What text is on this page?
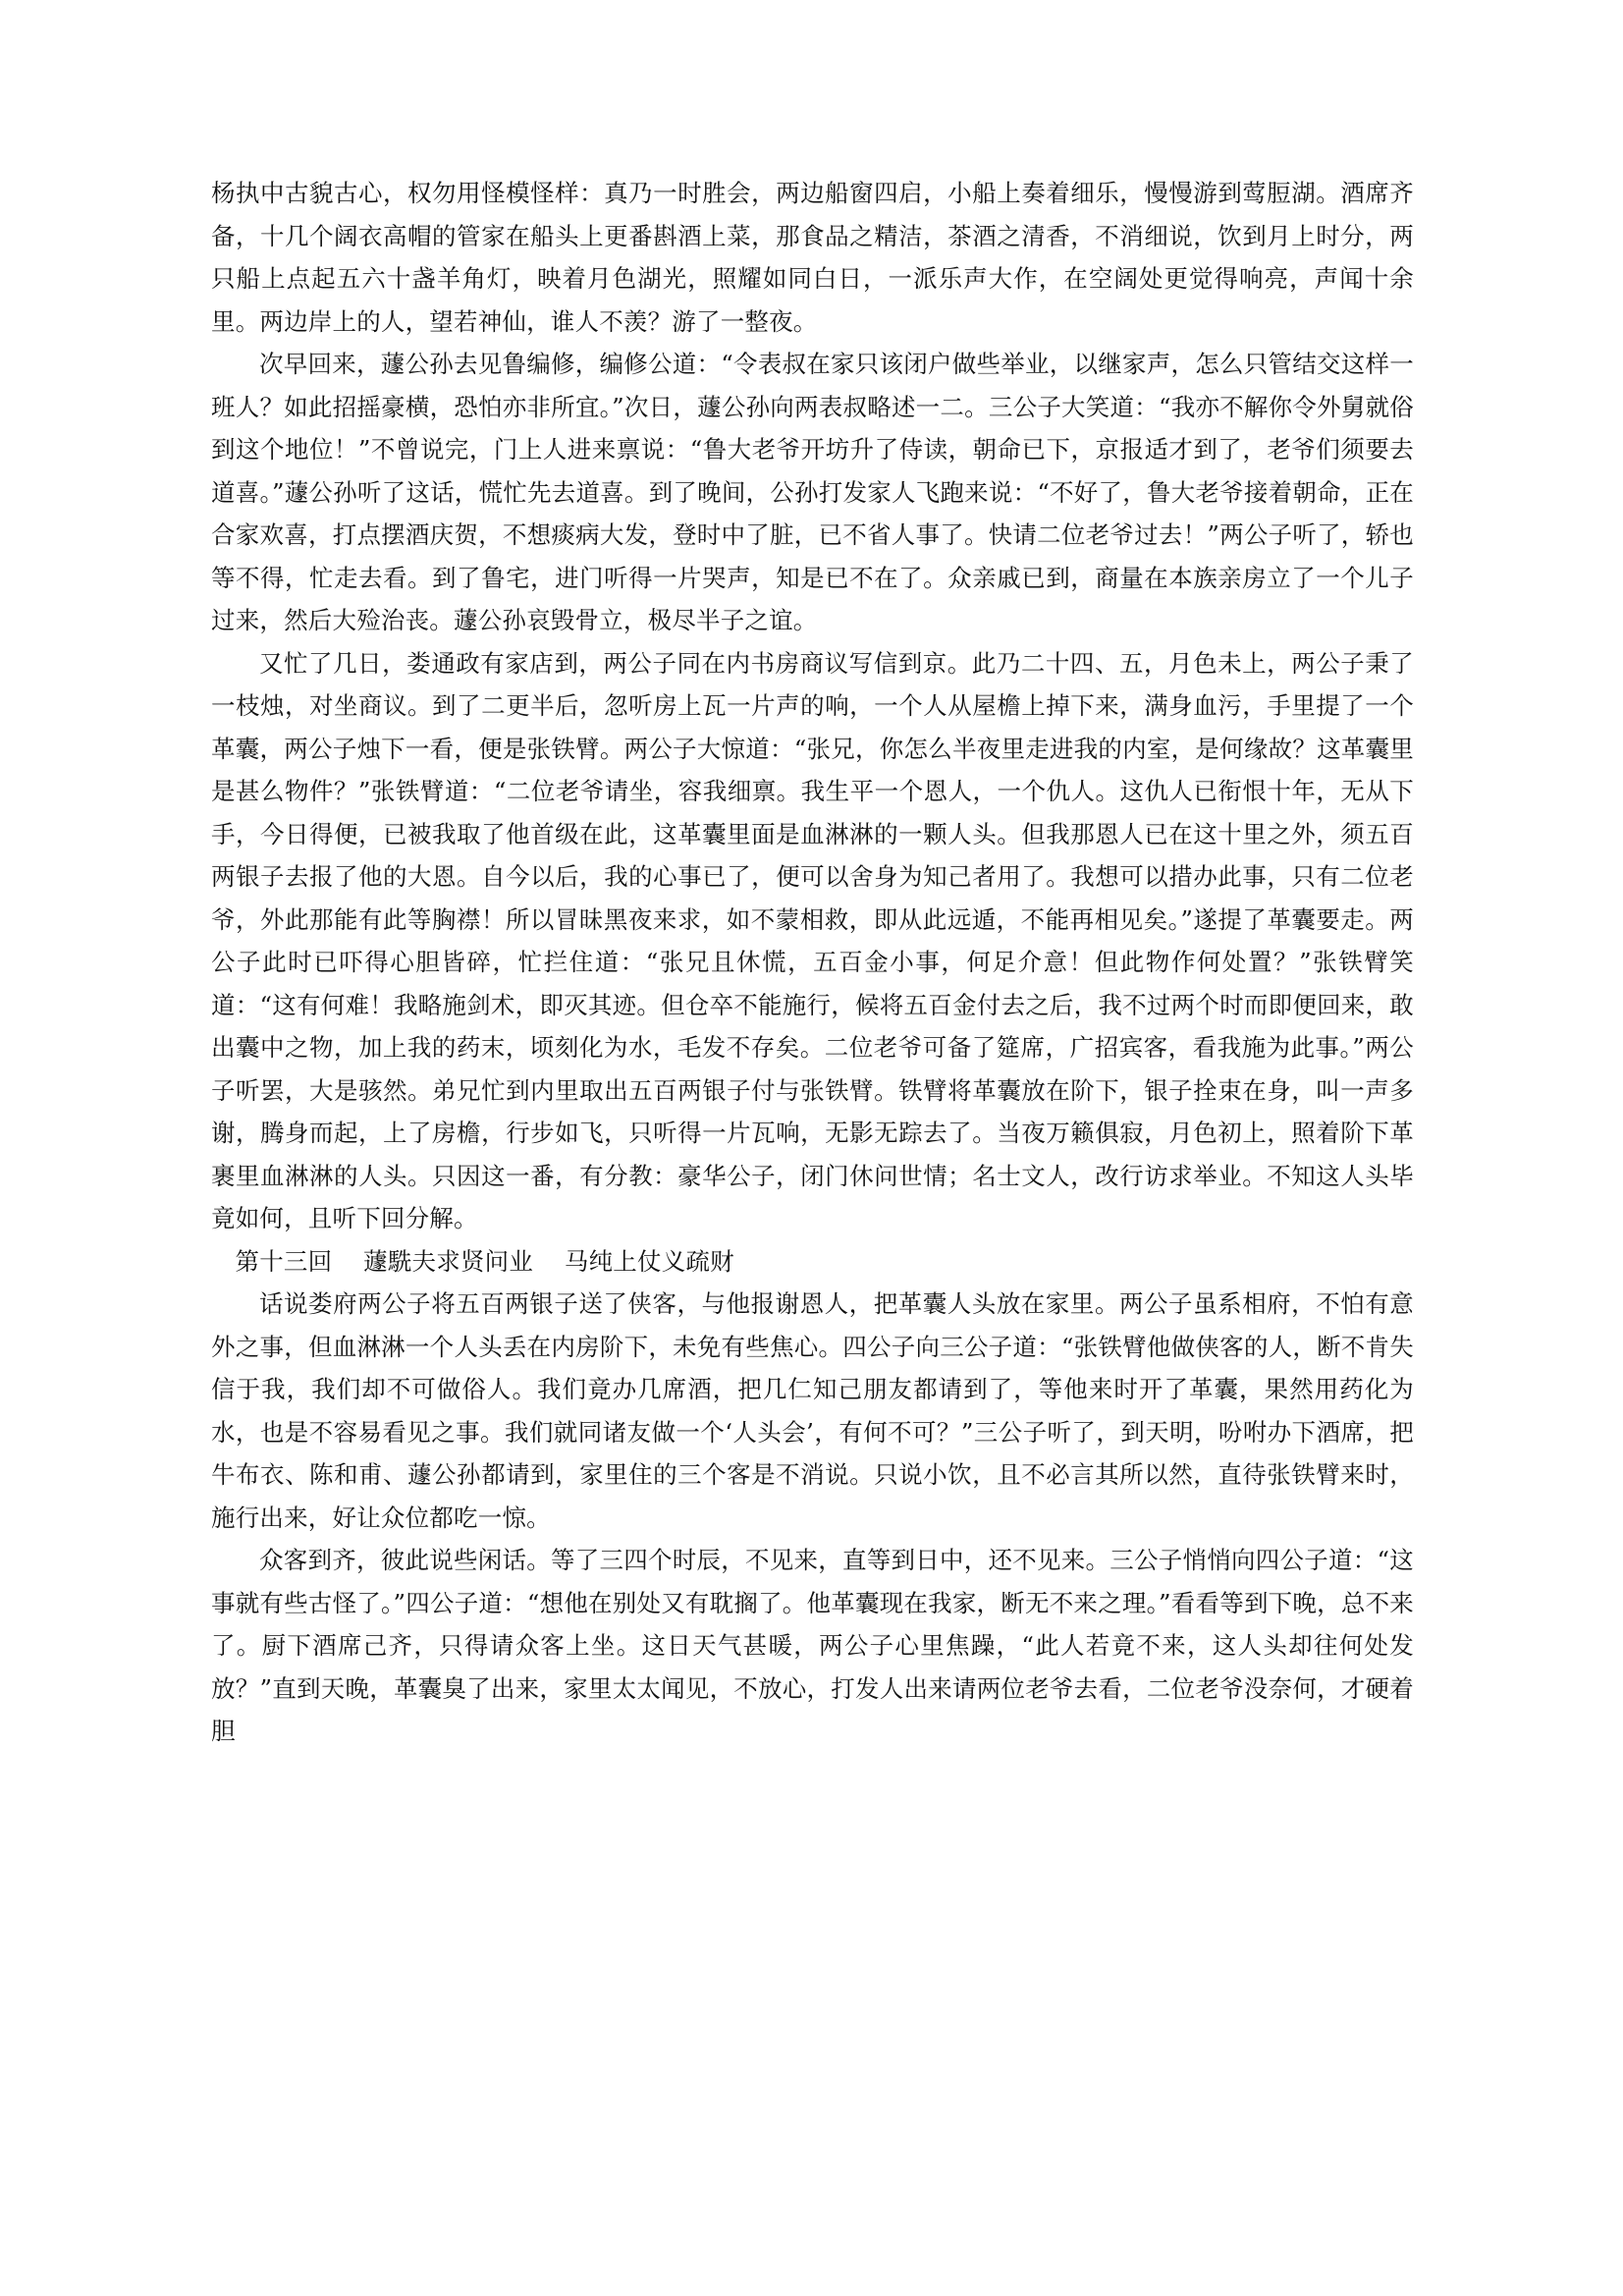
杨执中古貌古心，权勿用怪模怪样：真乃一时胜会，两边船窗四启，小船上奏着细乐，慢慢游到莺脰湖。酒席齐备，十几个阔衣高帽的管家在船头上更番斟酒上菜，那食品之精洁，茶酒之清香，不消细说，饮到月上时分，两只船上点起五六十盏羊角灯，映着月色湖光，照耀如同白日，一派乐声大作，在空阔处更觉得响亮，声闻十余里。两边岸上的人，望若神仙，谁人不羡？游了一整夜。

次早回来，蘧公孙去见鲁编修，编修公道：“令表叔在家只该闭户做些举业，以继家声，怎么只管结交这样一班人？如此招摇豪横，恐怕亦非所宜。”次日，蘧公孙向两表叔略述一二。三公子大笑道：“我亦不解你令外舅就俗到这个地位！”不曾说完，门上人进来禀说：“鲁大老爷开坊升了侍读，朝命已下，京报适才到了，老爷们须要去道喜。”蘧公孙听了这话，慌忙先去道喜。到了晚间，公孙打发家人飞跑来说：“不好了，鲁大老爷接着朝命，正在合家欢喜，打点摆酒庆贺，不想痰病大发，登时中了脏，已不省人事了。快请二位老爷过去！”两公子听了，轿也等不得，忙走去看。到了鲁宅，进门听得一片哭声，知是已不在了。众亲戚已到，商量在本族亲房立了一个儿子过来，然后大殓治丧。蘧公孙哀毁骨立，极尽半子之谊。

又忙了几日，娄通政有家店到，两公子同在内书房商议写信到京。此乃二十四、五，月色未上，两公子秉了一枝烛，对坐商议。到了二更半后，忽听房上瓦一片声的响，一个人从屋檐上掉下来，满身血污，手里提了一个革囊，两公子烛下一看，便是张铁臂。两公子大惊道：“张兄，你怎么半夜里走进我的内室，是何缘故？这革囊里是甚么物件？”张铁臂道：“二位老爷请坐，容我细禀。我生平一个恩人，一个仇人。这仇人已衔恨十年，无从下手，今日得便，已被我取了他首级在此，这革囊里面是血淋淋的一颗人头。但我那恩人已在这十里之外，须五百两银子去报了他的大恩。自今以后，我的心事已了，便可以舍身为知己者用了。我想可以措办此事，只有二位老爷，外此那能有此等胸襟！所以冒昧黑夜来求，如不蒙相救，即从此远遁，不能再相见矣。”遂提了革囊要走。两公子此时已吓得心胆皆碎，忙拦住道：“张兄且休慌，五百金小事，何足介意！但此物作何处置？”张铁臂笑道：“这有何难！我略施剑术，即灭其迹。但仓卒不能施行，候将五百金付去之后，我不过两个时而即便回来，敢出囊中之物，加上我的药末，顷刻化为水，毛发不存矣。二位老爷可备了筵席，广招宾客，看我施为此事。”两公子听罢，大是骇然。弟兄忙到内里取出五百两银子付与张铁臂。铁臂将革囊放在阶下，银子拴束在身，叫一声多谢，腾身而起，上了房檐，行步如飞，只听得一片瓦响，无影无踪去了。当夜万籁俱寂，月色初上，照着阶下革裹里血淋淋的人头。只因这一番，有分教：豪华公子，闭门休问世情；名士文人，改行访求举业。不知这人头毕竟如何，且听下回分解。

第十三回 蘧駪夫求贤问业 马纯上仗义疏财

话说娄府两公子将五百两银子送了侠客，与他报谢恩人，把革囊人头放在家里。两公子虽系相府，不怕有意外之事，但血淋淋一个人头丢在内房阶下，未免有些焦心。四公子向三公子道：“张铁臂他做侠客的人，断不肯失信于我，我们却不可做俗人。我们竟办几席酒，把几仁知己朋友都请到了，等他来时开了革囊，果然用药化为水，也是不容易看见之事。我们就同诸友做一个‘人头会’，有何不可？”三公子听了，到天明，吩咐办下酒席，把牛布衣、陈和甫、蘧公孙都请到，家里住的三个客是不消说。只说小饮，且不必言其所以然，直待张铁臂来时，施行出来，好让众位都吃一惊。

众客到齐，彼此说些闲话。等了三四个时辰，不见来，直等到日中，还不见来。三公子悄悄向四公子道：“这事就有些古怪了。”四公子道：“想他在别处又有耽搁了。他革囊现在我家，断无不来之理。”看看等到下晚，总不来了。厨下酒席己齐，只得请众客上坐。这日天气甚暖，两公子心里焦躁，“此人若竟不来，这人头却往何处发放？”直到天晚，革囊臭了出来，家里太太闻见，不放心，打发人出来请两位老爷去看，二位老爷没奈何，才硬着胆
